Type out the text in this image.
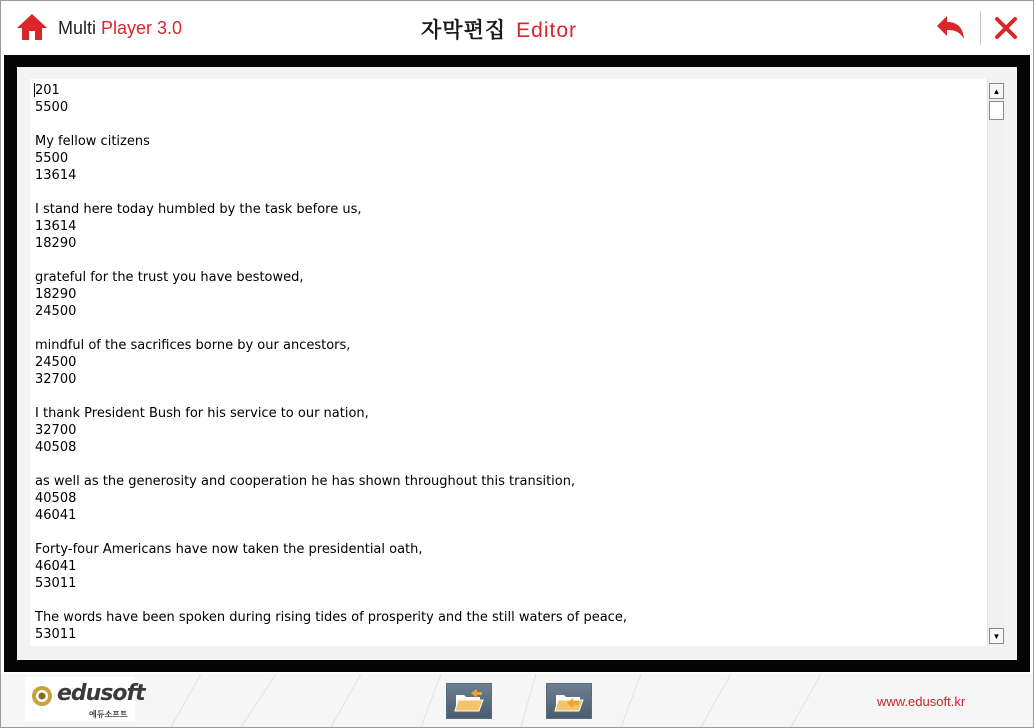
Multi Player 3.0	자막편집 Editor
201
5500

My fellow citizens
5500
13614

I stand here today humbled by the task before us,
13614
18290

grateful for the trust you have bestowed,
18290
24500

mindful of the sacrifices borne by our ancestors,
24500
32700

I thank President Bush for his service to our nation,
32700
40508

as well as the generosity and cooperation he has shown throughout this transition,
40508
46041

Forty-four Americans have now taken the presidential oath,
46041
53011

The words have been spoken during rising tides of prosperity and the still waters of peace,
53011
▲
▼
edusoft
에듀소프트
www.edusoft.kr
